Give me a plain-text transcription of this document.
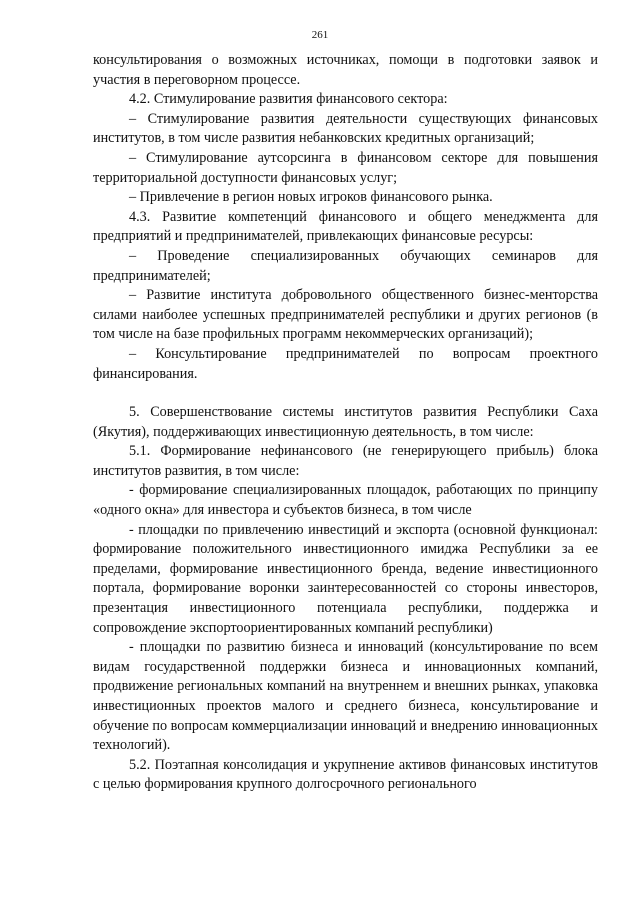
261

консультирования о возможных источниках, помощи в подготовки заявок и участия в переговорном процессе.

4.2. Стимулирование развития финансового сектора:

– Стимулирование развития деятельности существующих финансовых институтов, в том числе развития небанковских кредитных организаций;

– Стимулирование аутсорсинга в финансовом секторе для повышения территориальной доступности финансовых услуг;

– Привлечение в регион новых игроков финансового рынка.

4.3. Развитие компетенций финансового и общего менеджмента для предприятий и предпринимателей, привлекающих финансовые ресурсы:

– Проведение специализированных обучающих семинаров для предпринимателей;

– Развитие института добровольного общественного бизнес-менторства силами наиболее успешных предпринимателей республики и других регионов (в том числе на базе профильных программ некоммерческих организаций);

– Консультирование предпринимателей по вопросам проектного финансирования.

5. Совершенствование системы институтов развития Республики Саха (Якутия), поддерживающих инвестиционную деятельность, в том числе:

5.1. Формирование нефинансового (не генерирующего прибыль) блока институтов развития, в том числе:

- формирование специализированных площадок, работающих по принципу «одного окна» для инвестора и субъектов бизнеса, в том числе

- площадки по привлечению инвестиций и экспорта (основной функционал: формирование положительного инвестиционного имиджа Республики за ее пределами, формирование инвестиционного бренда, ведение инвестиционного портала, формирование воронки заинтересованностей со стороны инвесторов, презентация инвестиционного потенциала республики, поддержка и сопровождение экспортоориентированных компаний республики)

- площадки по развитию бизнеса и инноваций (консультирование по всем видам государственной поддержки бизнеса и инновационных компаний, продвижение региональных компаний на внутреннем и внешних рынках, упаковка инвестиционных проектов малого и среднего бизнеса, консультирование и обучение по вопросам коммерциализации инноваций и внедрению инновационных технологий).

5.2. Поэтапная консолидация и укрупнение активов финансовых институтов с целью формирования крупного долгосрочного регионального
